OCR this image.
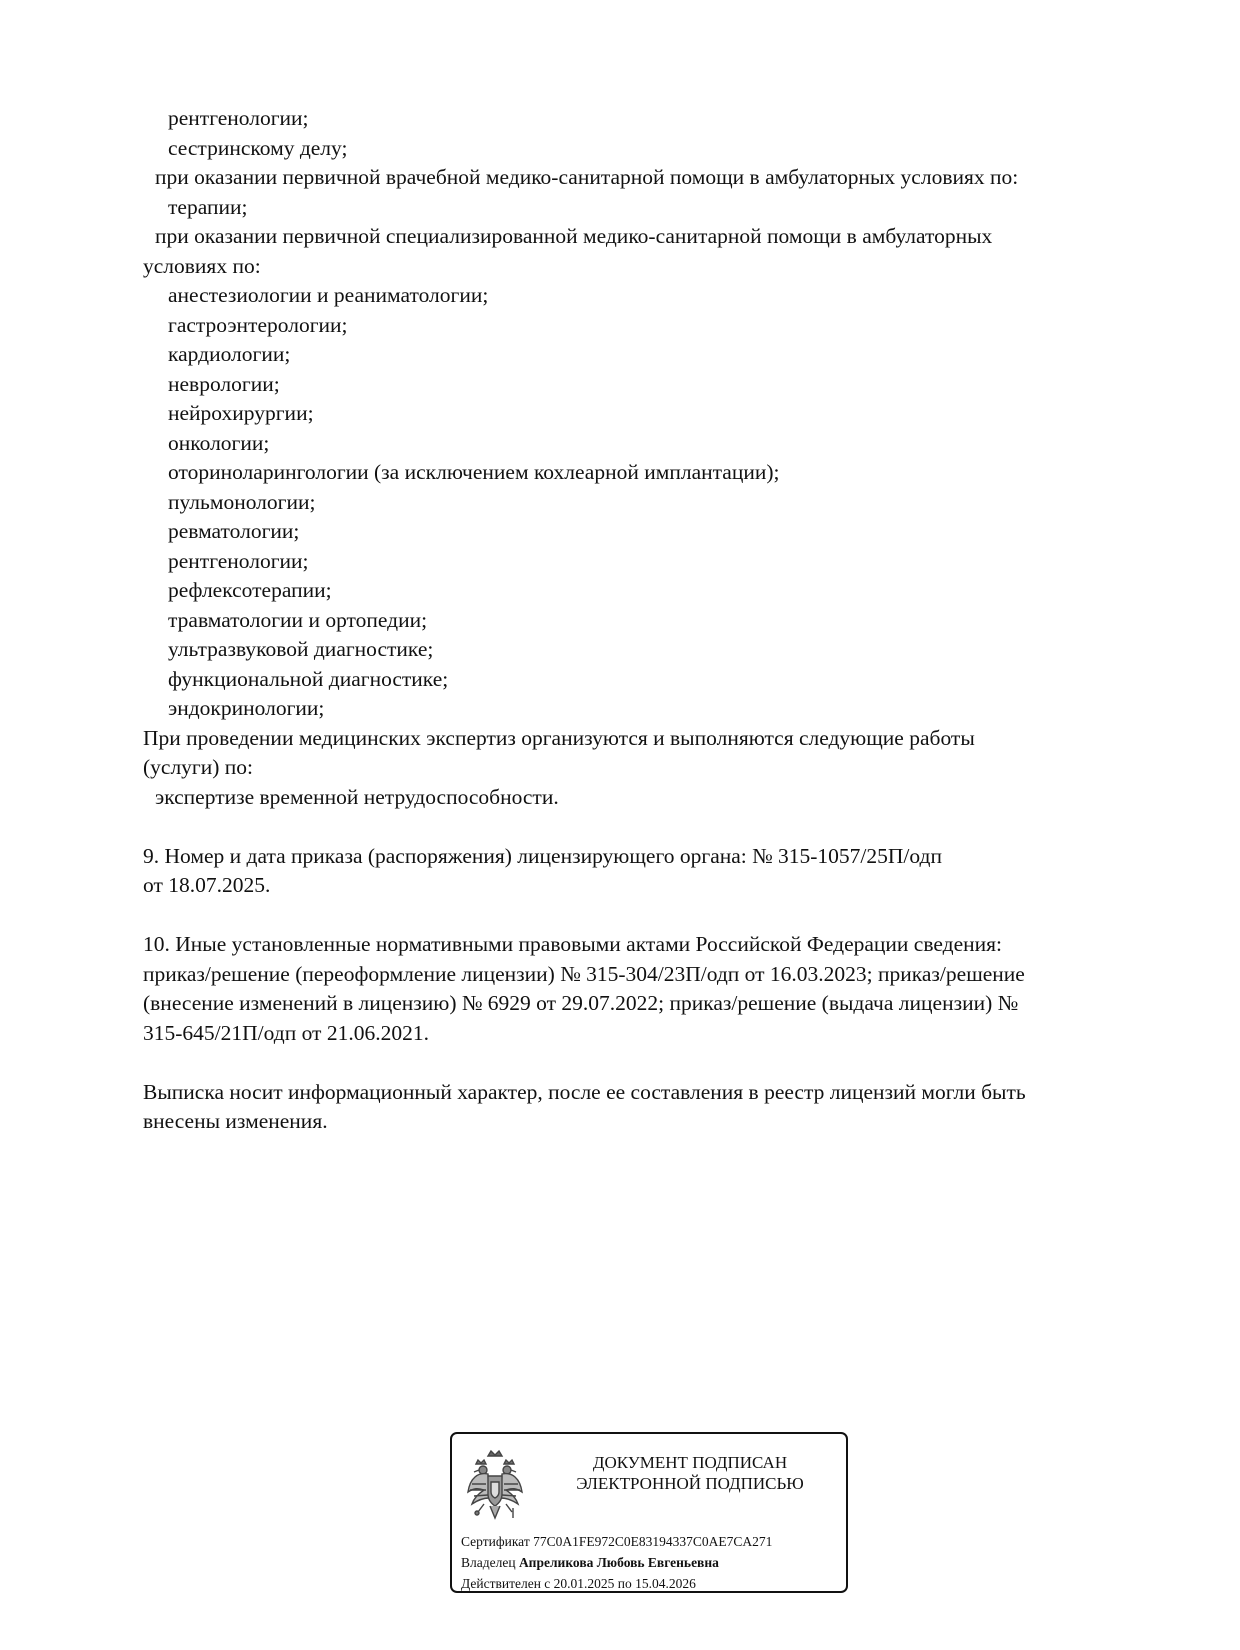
рентгенологии;
сестринскому делу;
при оказании первичной врачебной медико-санитарной помощи в амбулаторных условиях по:
терапии;
при оказании первичной специализированной медико-санитарной помощи в амбулаторных
условиях по:
анестезиологии и реаниматологии;
гастроэнтерологии;
кардиологии;
неврологии;
нейрохирургии;
онкологии;
оториноларингологии (за исключением кохлеарной имплантации);
пульмонологии;
ревматологии;
рентгенологии;
рефлексотерапии;
травматологии и ортопедии;
ультразвуковой диагностике;
функциональной диагностике;
эндокринологии;
При проведении медицинских экспертиз организуются и выполняются следующие работы
(услуги) по:
экспертизе временной нетрудоспособности.
9. Номер и дата приказа (распоряжения) лицензирующего органа: № 315-1057/25П/одп
от 18.07.2025.
10. Иные установленные нормативными правовыми актами Российской Федерации сведения:
приказ/решение (переоформление лицензии) № 315-304/23П/одп от 16.03.2023; приказ/решение
(внесение изменений в лицензию) № 6929 от 29.07.2022; приказ/решение (выдача лицензии) №
315-645/21П/одп от 21.06.2021.
Выписка носит информационный характер, после ее составления в реестр лицензий могли быть
внесены изменения.
ДОКУМЕНТ ПОДПИСАН
ЭЛЕКТРОННОЙ ПОДПИСЬЮ
Сертификат 77C0A1FE972C0E83194337C0AE7CA271
Владелец Апреликова Любовь Евгеньевна
Действителен с 20.01.2025 по 15.04.2026
